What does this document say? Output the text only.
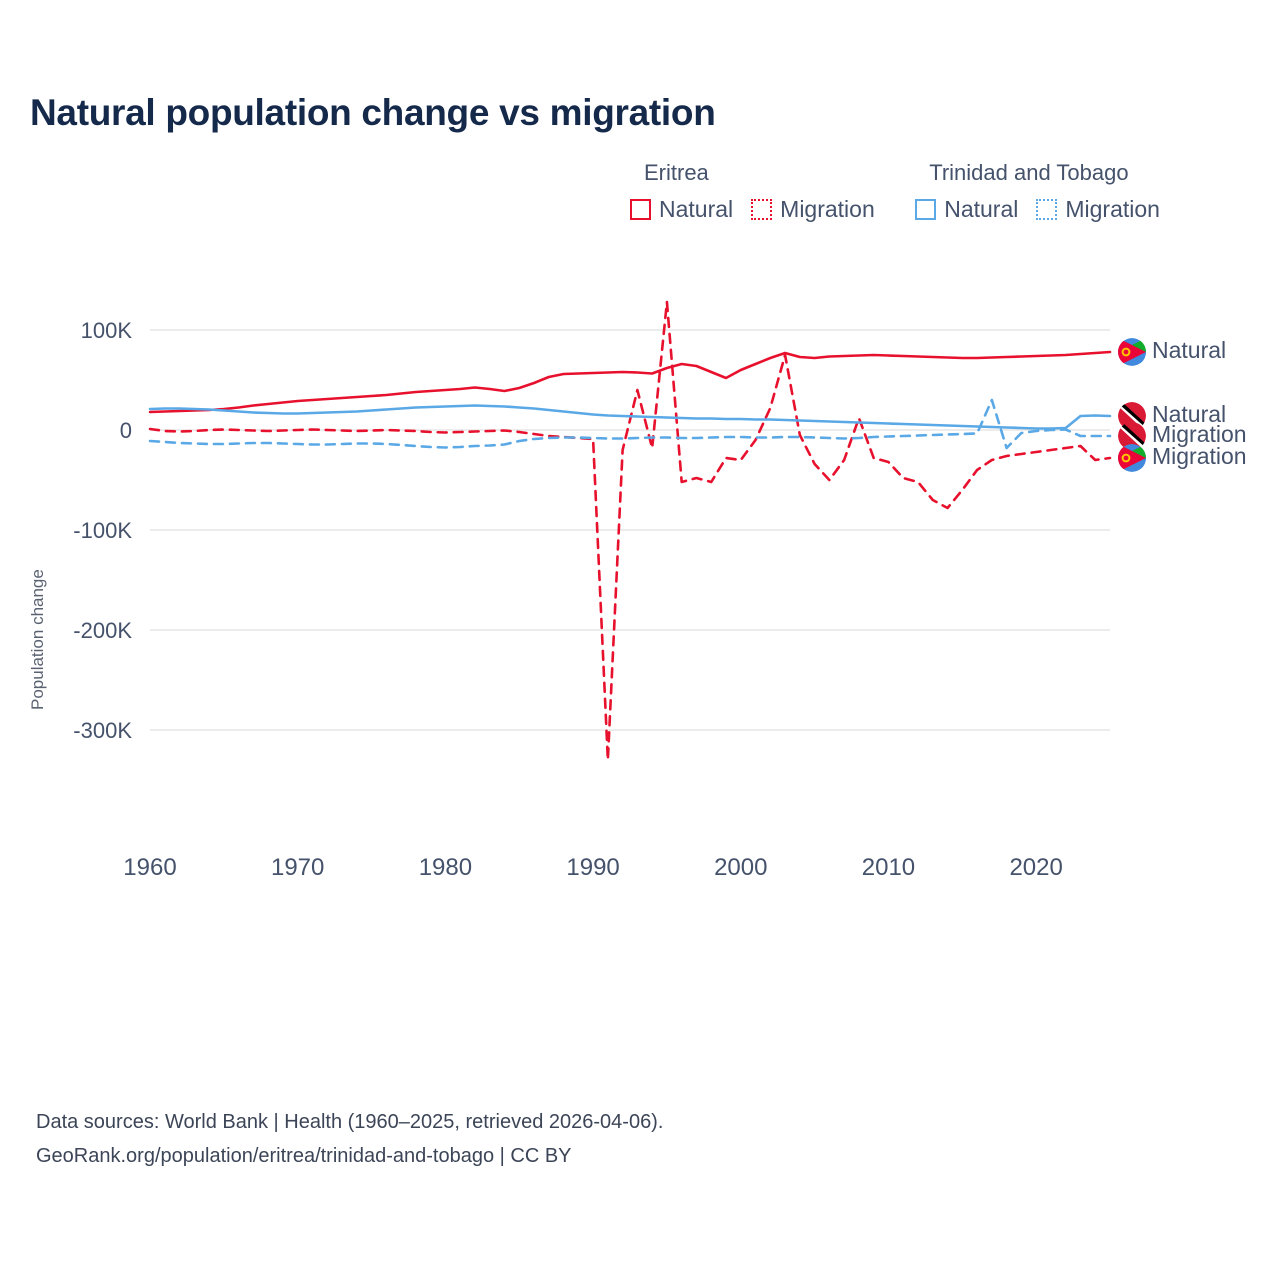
Natural population change vs migration
Eritrea
Natural Migration

Trinidad and Tobago
Natural Migration
Population change
-300K
-200K
-100K
0
100K
1960	1970	1980	1990	2000	2010	2020
Natural
Natural
Migration
Migration
Data sources: World Bank | Health (1960–2025, retrieved 2026-04-06).
GeoRank.org/population/eritrea/trinidad-and-tobago | CC BY
